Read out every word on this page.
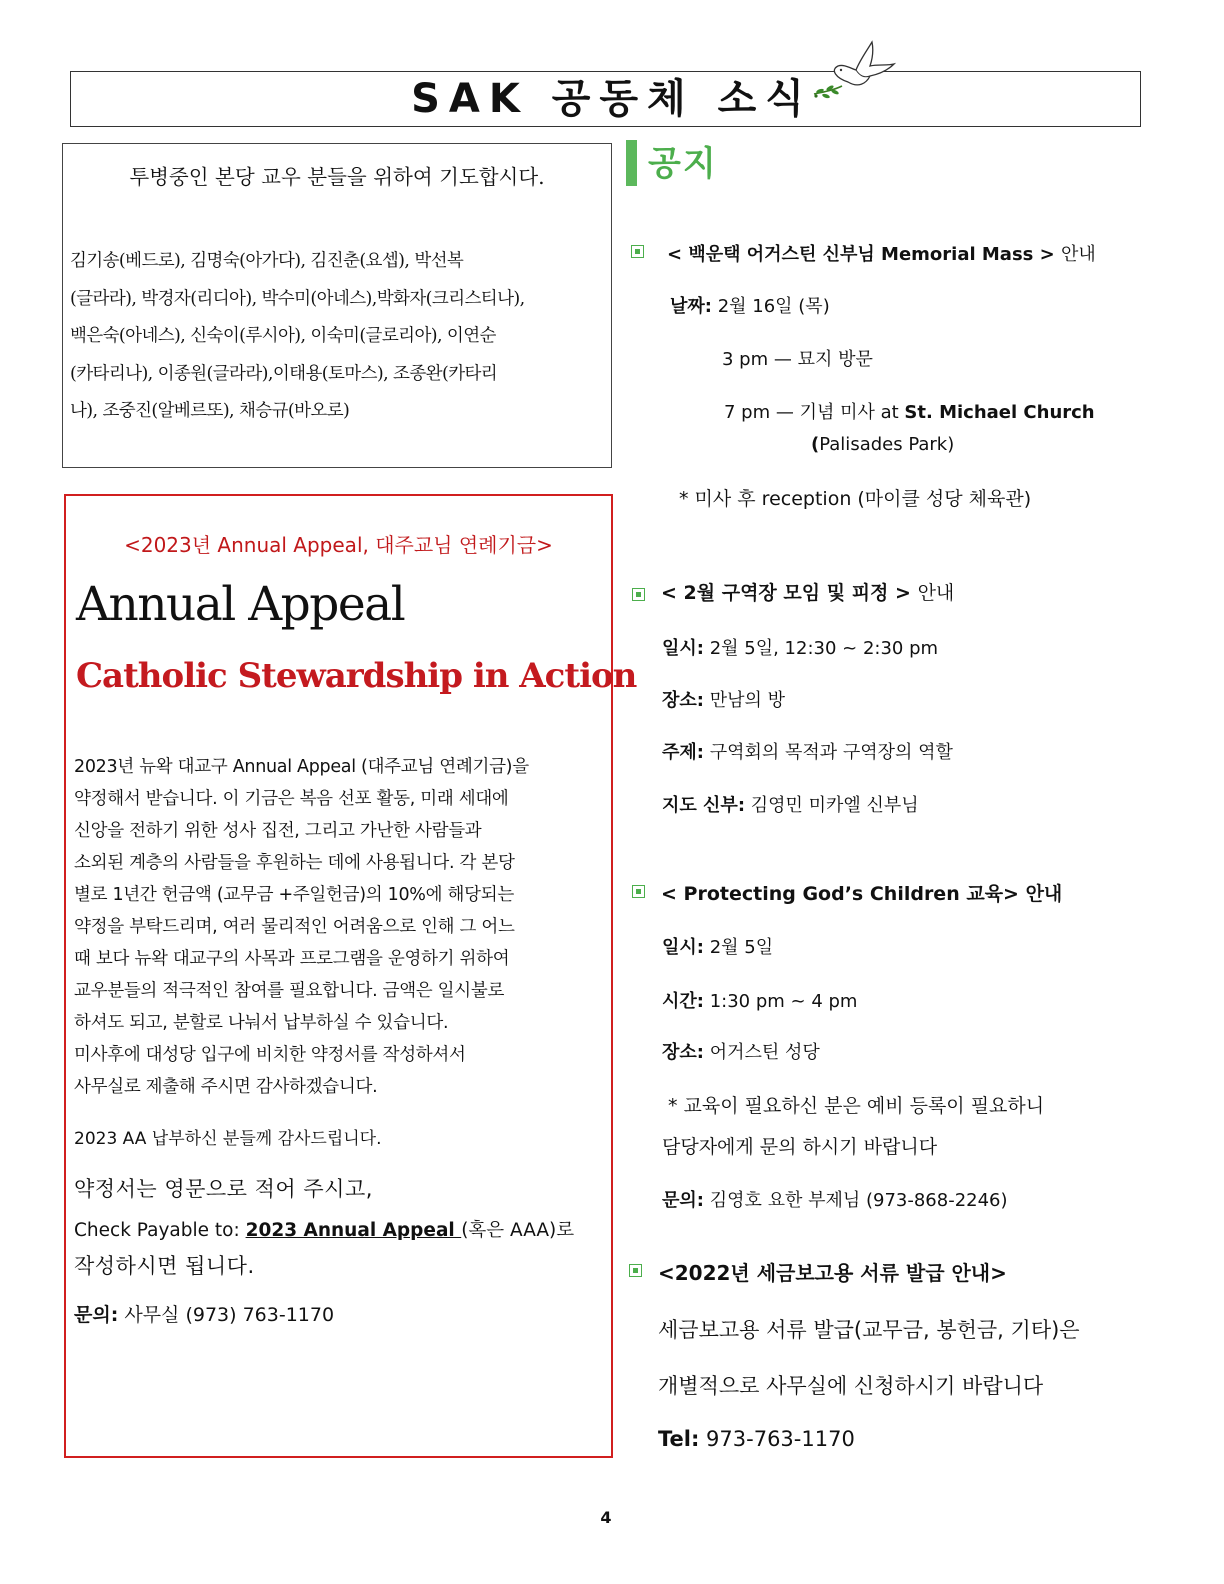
SAK 공동체 소식
투병중인 본당 교우 분들을 위하여 기도합시다.
김기송(베드로), 김명숙(아가다), 김진춘(요셉), 박선복
(글라라), 박경자(리디아), 박수미(아네스),박화자(크리스티나),
백은숙(아네스), 신숙이(루시아), 이숙미(글로리아), 이연순
(카타리나), 이종원(글라라),이태용(토마스), 조종완(카타리
나), 조중진(알베르또), 채승규(바오로)
<2023년 Annual Appeal, 대주교님 연례기금>
Annual Appeal
Catholic Stewardship in Action
2023년 뉴왁 대교구 Annual Appeal (대주교님 연례기금)을
약정해서 받습니다. 이 기금은 복음 선포 활동, 미래 세대에
신앙을 전하기 위한 성사 집전, 그리고 가난한 사람들과
소외된 계층의 사람들을 후원하는 데에 사용됩니다. 각 본당
별로 1년간 헌금액 (교무금 +주일헌금)의 10%에 해당되는
약정을 부탁드리며, 여러 물리적인 어려움으로 인해 그 어느
때 보다 뉴왁 대교구의 사목과 프로그램을 운영하기 위하여
교우분들의 적극적인 참여를 필요합니다. 금액은 일시불로
하셔도 되고, 분할로 나눠서 납부하실 수 있습니다.
미사후에 대성당 입구에 비치한 약정서를 작성하셔서
사무실로 제출해 주시면 감사하겠습니다.
2023 AA 납부하신 분들께 감사드립니다.
약정서는 영문으로 적어 주시고,
Check Payable to: 2023 Annual Appeal (혹은 AAA)로
작성하시면 됩니다.
문의: 사무실 (973) 763-1170
공지
< 백운택 어거스틴 신부님 Memorial Mass > 안내
날짜: 2월 16일 (목)
3 pm — 묘지 방문
7 pm — 기념 미사 at St. Michael Church
(Palisades Park)
* 미사 후 reception (마이클 성당 체육관)
< 2월 구역장 모임 및 피정 > 안내
일시: 2월 5일, 12:30 ~ 2:30 pm
장소: 만남의 방
주제: 구역회의 목적과 구역장의 역할
지도 신부: 김영민 미카엘 신부님
< Protecting God’s Children 교육> 안내
일시: 2월 5일
시간: 1:30 pm ~ 4 pm
장소: 어거스틴 성당
* 교육이 필요하신 분은 예비 등록이 필요하니
담당자에게 문의 하시기 바랍니다
문의: 김영호 요한 부제님 (973-868-2246)
<2022년 세금보고용 서류 발급 안내>
세금보고용 서류 발급(교무금, 봉헌금, 기타)은
개별적으로 사무실에 신청하시기 바랍니다
Tel: 973-763-1170
4
